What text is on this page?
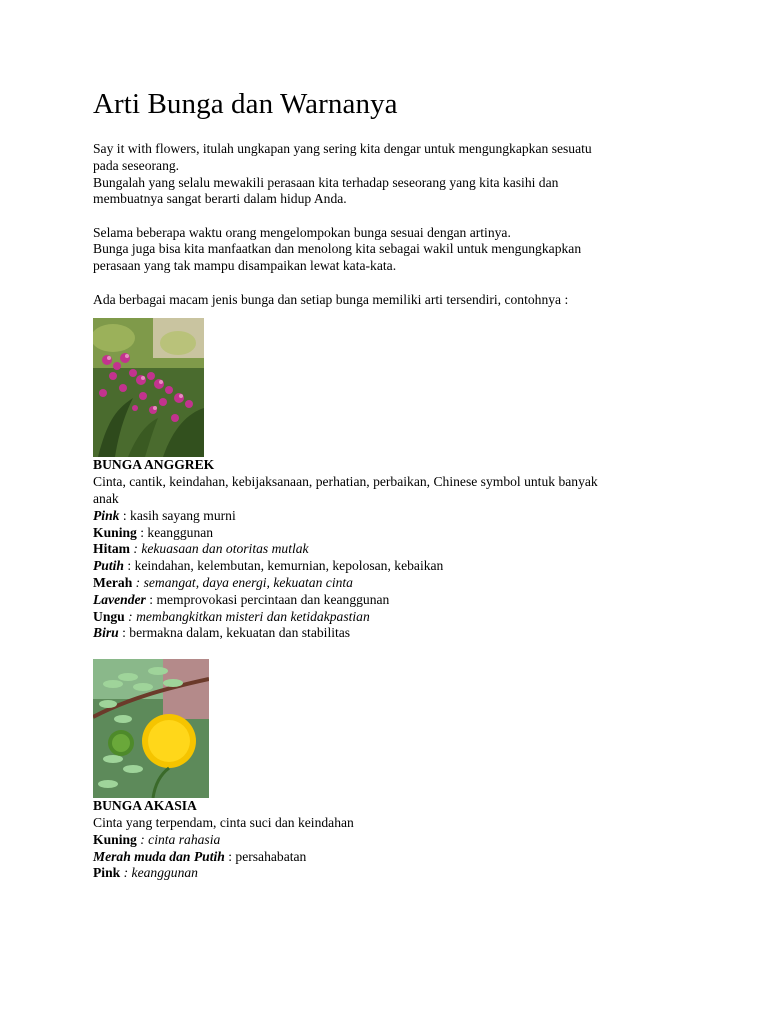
Arti Bunga dan Warnanya
Say it with flowers, itulah ungkapan yang sering kita dengar untuk mengungkapkan sesuatu
pada seseorang.
Bungalah yang selalu mewakili perasaan kita terhadap seseorang yang kita kasihi dan
membuatnya sangat berarti dalam hidup Anda.
Selama beberapa waktu orang mengelompokan bunga sesuai dengan artinya.
Bunga juga bisa kita manfaatkan dan menolong kita sebagai wakil untuk mengungkapkan
perasaan yang tak mampu disampaikan lewat kata-kata.
Ada berbagai macam jenis bunga dan setiap bunga memiliki arti tersendiri, contohnya :
BUNGA ANGGREK
Cinta, cantik, keindahan, kebijaksanaan, perhatian, perbaikan, Chinese symbol untuk banyak
anak
Pink : kasih sayang murni
Kuning : keanggunan
Hitam : kekuasaan dan otoritas mutlak
Putih : keindahan, kelembutan, kemurnian, kepolosan, kebaikan
Merah : semangat, daya energi, kekuatan cinta
Lavender : memprovokasi percintaan dan keanggunan
Ungu : membangkitkan misteri dan ketidakpastian
Biru : bermakna dalam, kekuatan dan stabilitas
BUNGA AKASIA
Cinta yang terpendam, cinta suci dan keindahan
Kuning : cinta rahasia
Merah muda dan Putih : persahabatan
Pink : keanggunan
